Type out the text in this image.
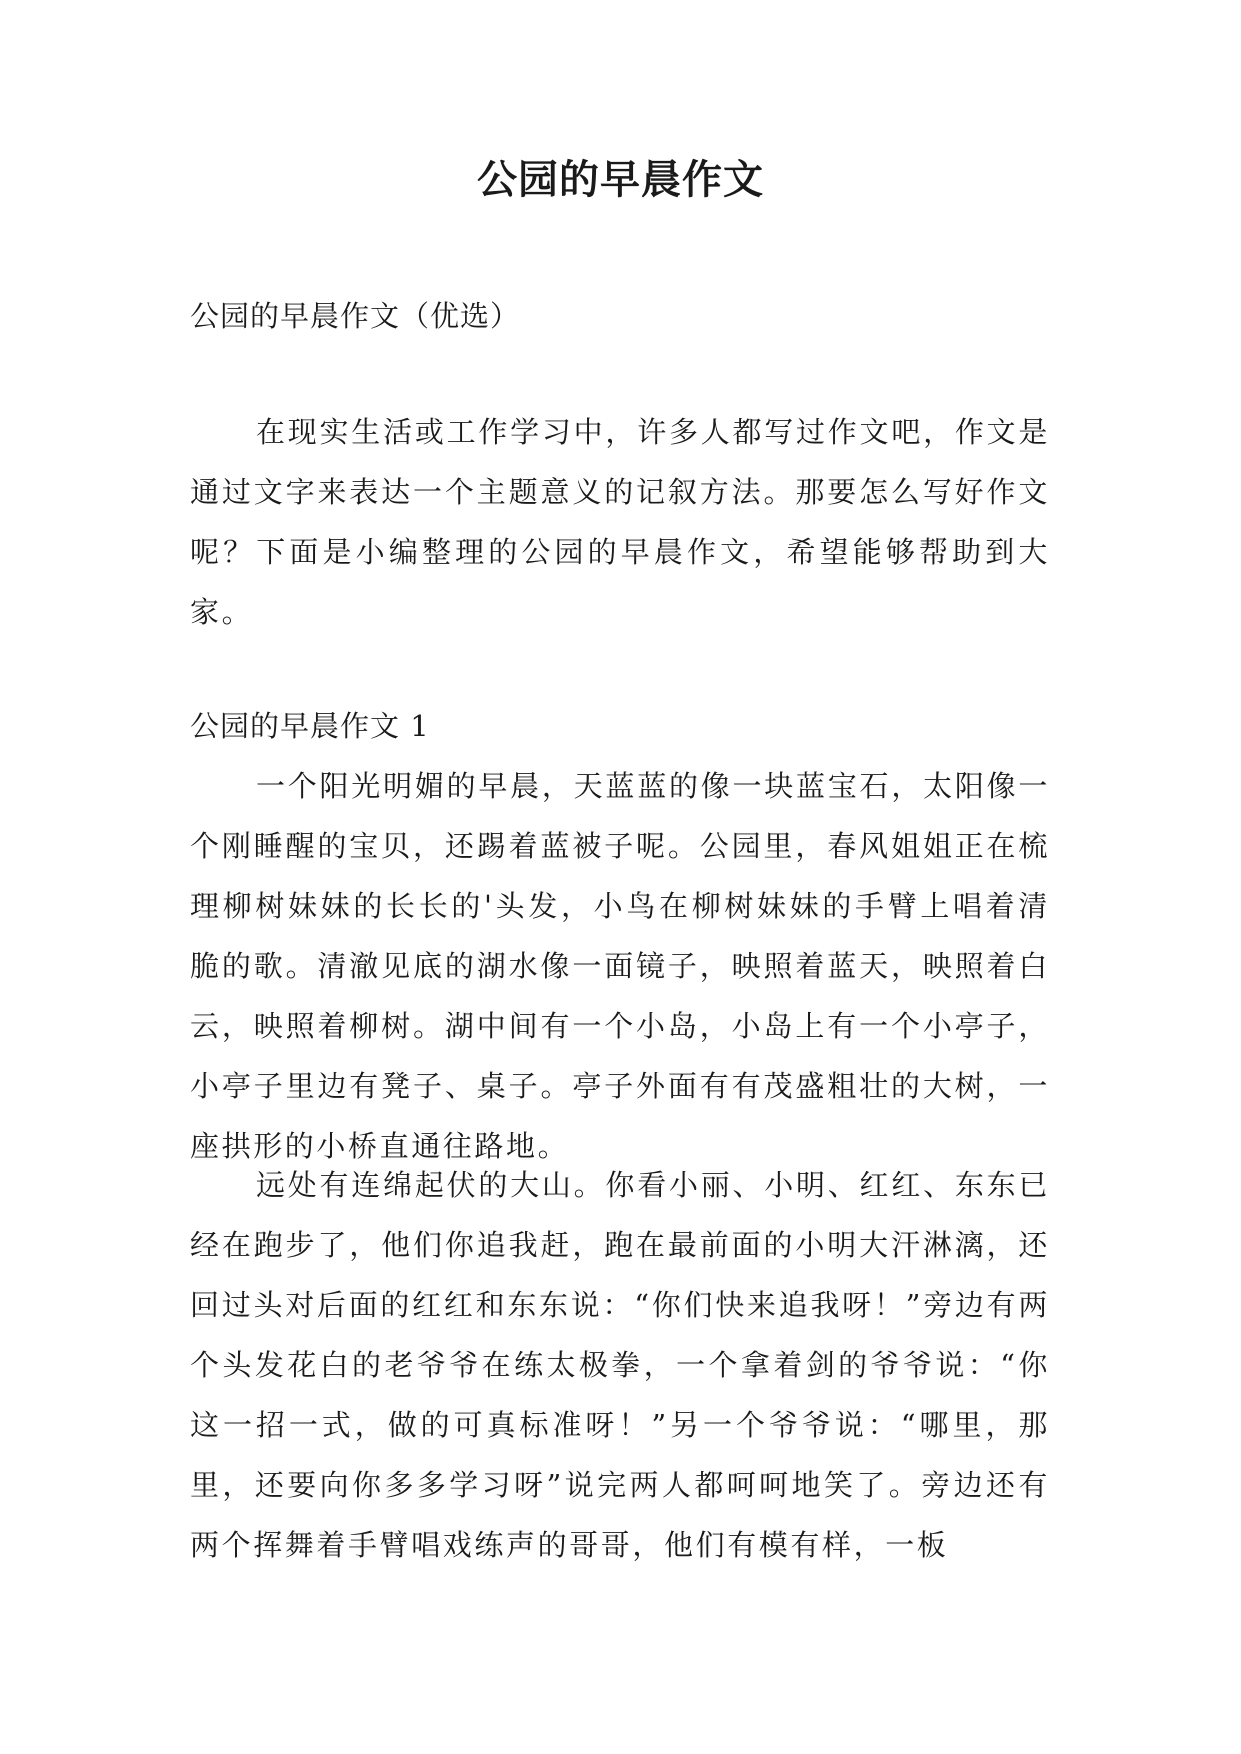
公园的早晨作文

公园的早晨作文（优选）

在现实生活或工作学习中，许多人都写过作文吧，作文是通过文字来表达一个主题意义的记叙方法。那要怎么写好作文呢？下面是小编整理的公园的早晨作文，希望能够帮助到大家。

公园的早晨作文 1

一个阳光明媚的早晨，天蓝蓝的像一块蓝宝石，太阳像一个刚睡醒的宝贝，还踢着蓝被子呢。公园里，春风姐姐正在梳理柳树妹妹的长长的'头发，小鸟在柳树妹妹的手臂上唱着清脆的歌。清澈见底的湖水像一面镜子，映照着蓝天，映照着白云，映照着柳树。湖中间有一个小岛，小岛上有一个小亭子，小亭子里边有凳子、桌子。亭子外面有有茂盛粗壮的大树，一座拱形的小桥直通往路地。

远处有连绵起伏的大山。你看小丽、小明、红红、东东已经在跑步了，他们你追我赶，跑在最前面的小明大汗淋漓，还回过头对后面的红红和东东说：“你们快来追我呀！”旁边有两个头发花白的老爷爷在练太极拳，一个拿着剑的爷爷说：“你这一招一式，做的可真标准呀！”另一个爷爷说：“哪里，那里，还要向你多多学习呀”说完两人都呵呵地笑了。旁边还有两个挥舞着手臂唱戏练声的哥哥，他们有模有样，一板
